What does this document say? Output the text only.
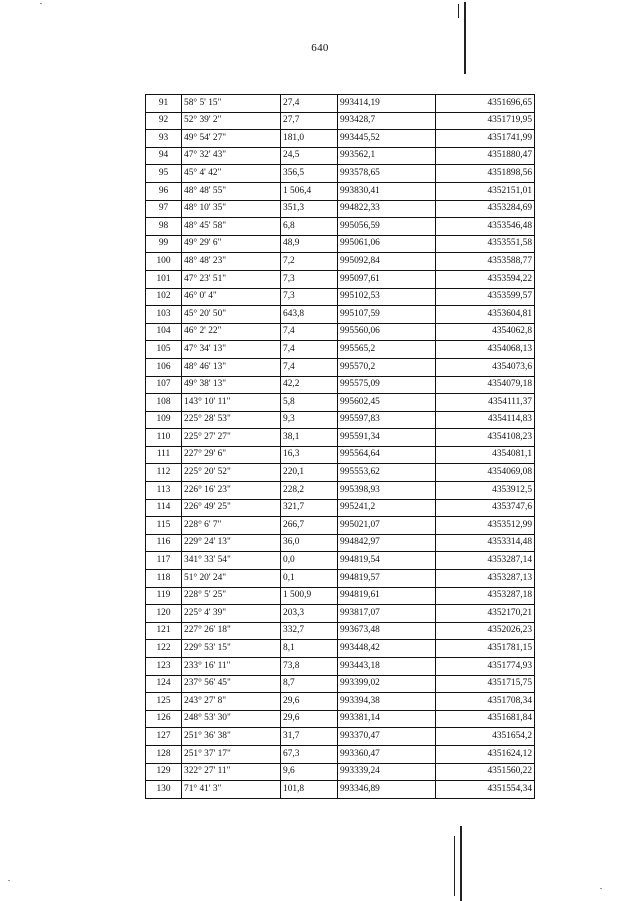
640
91	58° 5' 15"	27,4	993414,19	4351696,65
92	52° 39' 2"	27,7	993428,7	4351719,95
93	49° 54' 27"	181,0	993445,52	4351741,99
94	47° 32' 43"	24,5	993562,1	4351880,47
95	45° 4' 42"	356,5	993578,65	4351898,56
96	48° 48' 55"	1 506,4	993830,41	4352151,01
97	48° 10' 35"	351,3	994822,33	4353284,69
98	48° 45' 58"	6,8	995056,59	4353546,48
99	49° 29' 6"	48,9	995061,06	4353551,58
100	48° 48' 23"	7,2	995092,84	4353588,77
101	47° 23' 51"	7,3	995097,61	4353594,22
102	46° 0' 4"	7,3	995102,53	4353599,57
103	45° 20' 50"	643,8	995107,59	4353604,81
104	46° 2' 22"	7,4	995560,06	4354062,8
105	47° 34' 13"	7,4	995565,2	4354068,13
106	48° 46' 13"	7,4	995570,2	4354073,6
107	49° 38' 13"	42,2	995575,09	4354079,18
108	143° 10' 11"	5,8	995602,45	4354111,37
109	225° 28' 53"	9,3	995597,83	4354114,83
110	225° 27' 27"	38,1	995591,34	4354108,23
111	227° 29' 6"	16,3	995564,64	4354081,1
112	225° 20' 52"	220,1	995553,62	4354069,08
113	226° 16' 23"	228,2	995398,93	4353912,5
114	226° 49' 25"	321,7	995241,2	4353747,6
115	228° 6' 7"	266,7	995021,07	4353512,99
116	229° 24' 13"	36,0	994842,97	4353314,48
117	341° 33' 54"	0,0	994819,54	4353287,14
118	51° 20' 24"	0,1	994819,57	4353287,13
119	228° 5' 25"	1 500,9	994819,61	4353287,18
120	225° 4' 39"	203,3	993817,07	4352170,21
121	227° 26' 18"	332,7	993673,48	4352026,23
122	229° 53' 15"	8,1	993448,42	4351781,15
123	233° 16' 11"	73,8	993443,18	4351774,93
124	237° 56' 45"	8,7	993399,02	4351715,75
125	243° 27' 8"	29,6	993394,38	4351708,34
126	248° 53' 30"	29,6	993381,14	4351681,84
127	251° 36' 38"	31,7	993370,47	4351654,2
128	251° 37' 17"	67,3	993360,47	4351624,12
129	322° 27' 11"	9,6	993339,24	4351560,22
130	71° 41' 3"	101,8	993346,89	4351554,34
